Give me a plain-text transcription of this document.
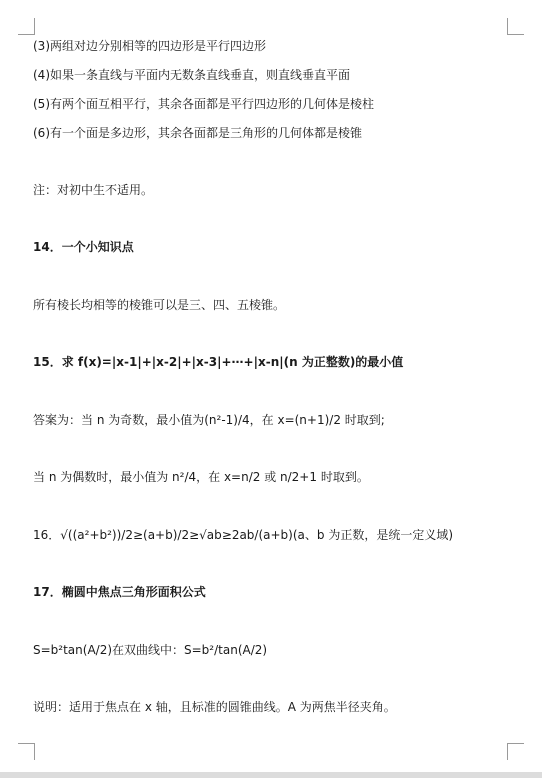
(3)两组对边分别相等的四边形是平行四边形
(4)如果一条直线与平面内无数条直线垂直，则直线垂直平面
(5)有两个面互相平行，其余各面都是平行四边形的几何体是棱柱
(6)有一个面是多边形，其余各面都是三角形的几何体都是棱锥
注：对初中生不适用。
14．一个小知识点
所有棱长均相等的棱锥可以是三、四、五棱锥。
15．求 f(x)=|x-1|+|x-2|+|x-3|+⋯+|x-n|(n 为正整数)的最小值
答案为：当 n 为奇数，最小值为(n²-1)/4，在 x=(n+1)/2 时取到;
当 n 为偶数时，最小值为 n²/4，在 x=n/2 或 n/2+1 时取到。
16．√((a²+b²))/2≥(a+b)/2≥√ab≥2ab/(a+b)(a、b 为正数，是统一定义域)
17．椭圆中焦点三角形面积公式
S=b²tan(A/2)在双曲线中：S=b²/tan(A/2)
说明：适用于焦点在 x 轴，且标准的圆锥曲线。A 为两焦半径夹角。
